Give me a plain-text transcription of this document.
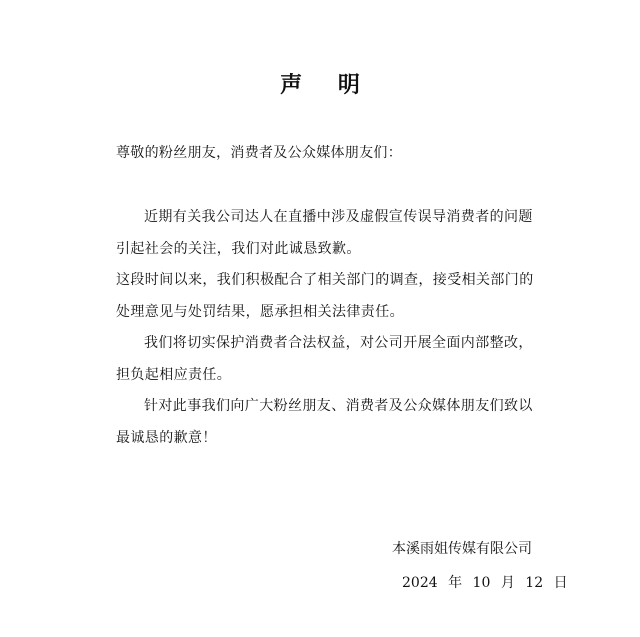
声 明
尊敬的粉丝朋友，消费者及公众媒体朋友们：

近期有关我公司达人在直播中涉及虚假宣传误导消费者的问题引起社会的关注，我们对此诚恳致歉。

这段时间以来，我们积极配合了相关部门的调查，接受相关部门的处理意见与处罚结果，愿承担相关法律责任。

我们将切实保护消费者合法权益，对公司开展全面内部整改，担负起相应责任。

针对此事我们向广大粉丝朋友、消费者及公众媒体朋友们致以最诚恳的歉意！

本溪雨姐传媒有限公司
2024 年 10 月 12 日
